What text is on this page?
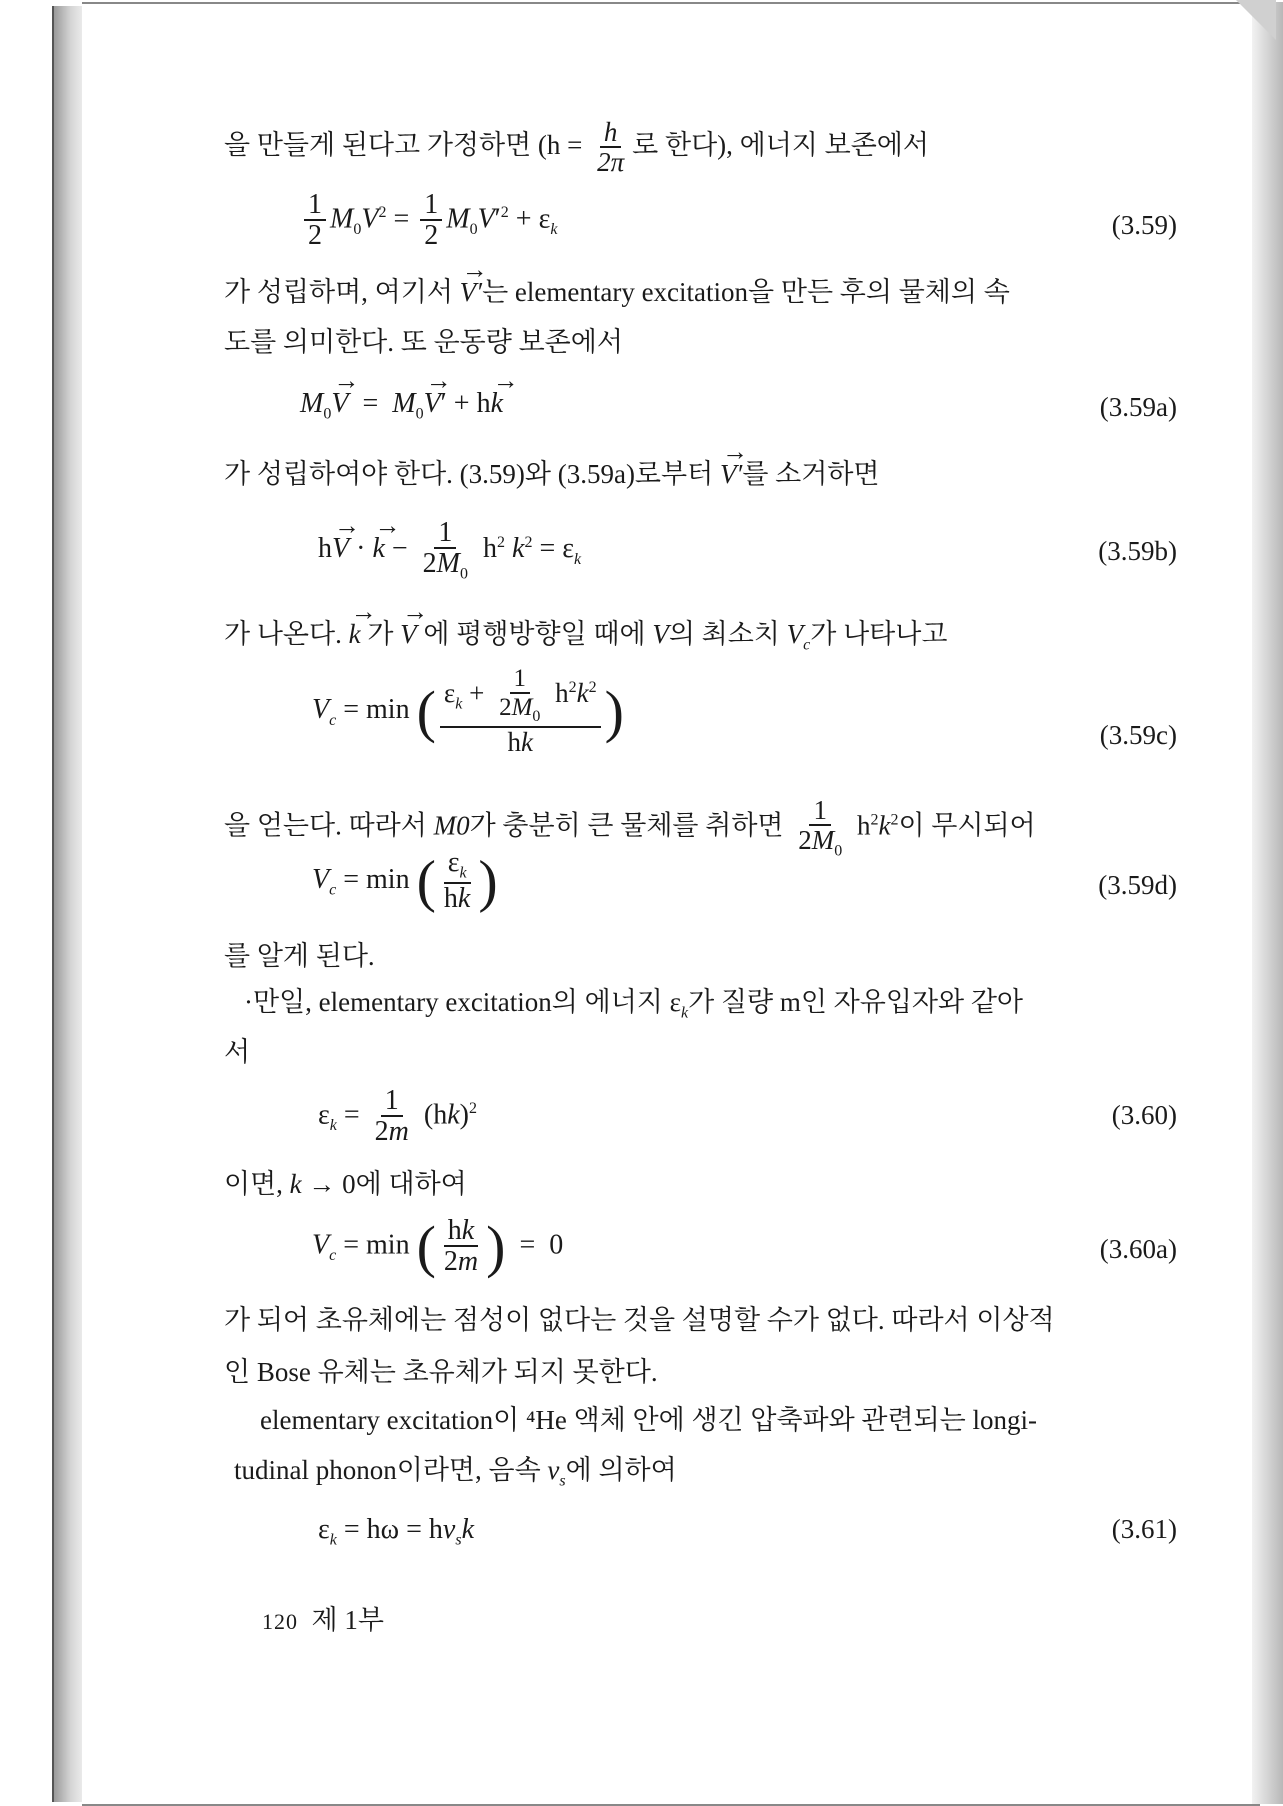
을 만들게 된다고 가정하면 ($h = \frac{h}{2\pi}$ 로 한다), 에너지 보존에서
$\frac{1}{2} M_0V^2 = \frac{1}{2} M_0V'^2 + \varepsilon_k$	(3.59)
가 성립하며, 여기서 → V′는 elementary excitation을 만든 후의 물체의 속
도를 의미한다. 또 운동량 보존에서
$M_0\to V = M_0\to V' + h\to k$	(3.59a)
가 성립하여야 한다. (3.59)와 (3.59a)로부터 → V′를 소거하면
h→ V · → $k - \frac{1}{2M_0} h^2$ $k^2 = \varepsilon_k$	(3.59b)
가 나온다. → k 가 → V 에 평행방향일 때에 V의 최소치 $V_c$가 나타나고
$V_c = \min$ ( $\frac{\varepsilon_k + \frac{1}{2M_0} h^2k^2}{hk}$ )	(3.59c)
을 얻는다. 따라서 M0가 충분히 큰 물체를 취하면 $\frac{1}{2M_0} h^2k^2$이 무시되어
$V_c = \min$ ( $\frac{\varepsilon_k}{hk}$ )	(3.59d)
를 알게 된다.
·만일, elementary excitation의 에너지 $\varepsilon_k$가 질량 m인 자유입자와 같아
서
$\varepsilon_k = \frac{1}{2m} (hk)^2$	(3.60)
이면, k → 0에 대하여
$V_c = \min$ ( $\frac{hk}{2m}$ )  =  0	(3.60a)
가 되어 초유체에는 점성이 없다는 것을 설명할 수가 없다. 따라서 이상적
인 Bose 유체는 초유체가 되지 못한다.
elementary excitation이 ⁴He 액체 안에 생긴 압축파와 관련되는 longi-
tudinal phonon이라면, 음속 $v_s$에 의하여
$\varepsilon_k = h\omega = hv_sk$	(3.61)
120 제 1부
